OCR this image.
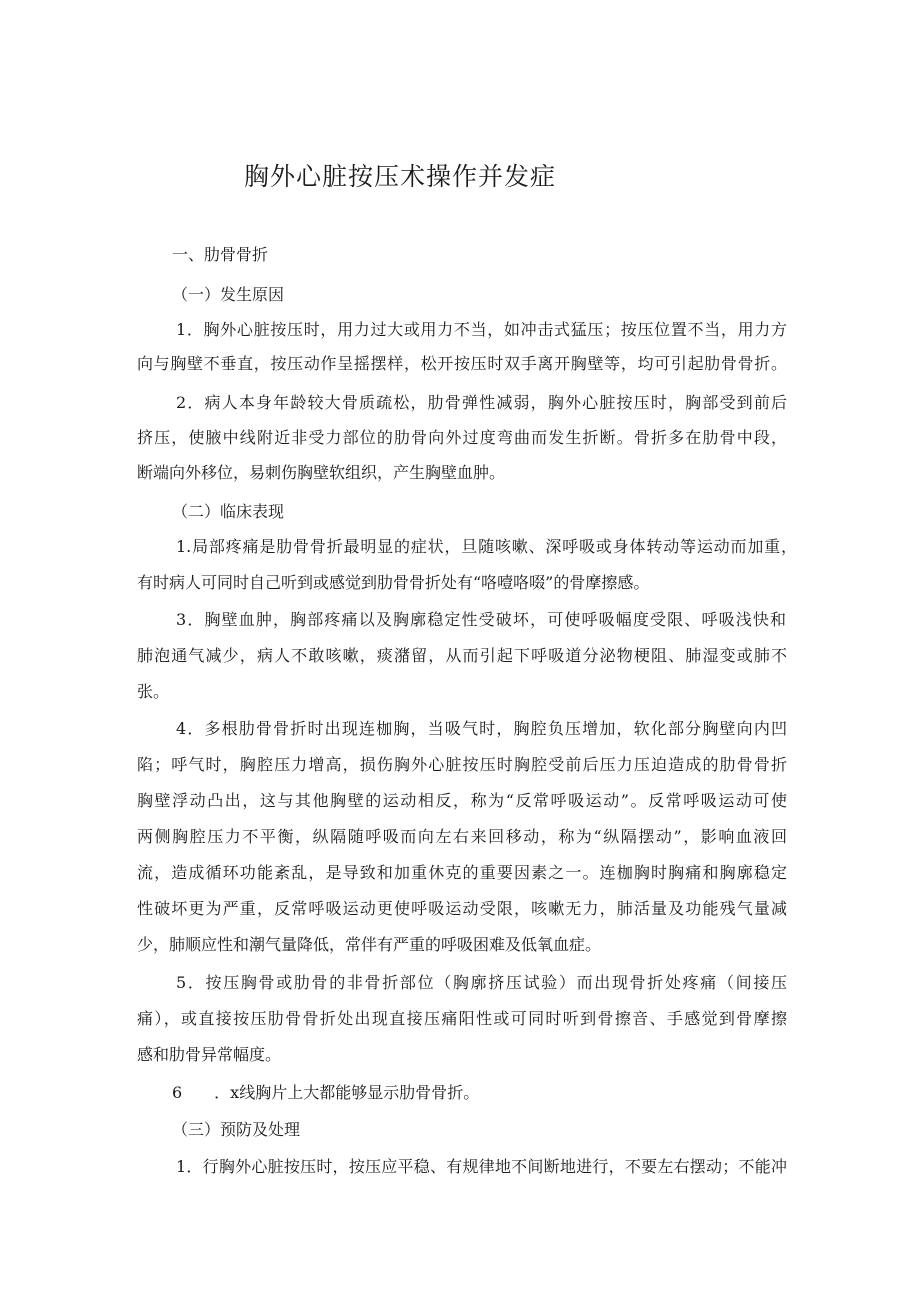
胸外心脏按压术操作并发症

一、肋骨骨折

（一）发生原因

1．胸外心脏按压时，用力过大或用力不当，如冲击式猛压；按压位置不当，用力方

向与胸壁不垂直，按压动作呈摇摆样，松开按压时双手离开胸壁等，均可引起肋骨骨折。

2．病人本身年龄较大骨质疏松，肋骨弹性减弱，胸外心脏按压时，胸部受到前后

挤压，使腋中线附近非受力部位的肋骨向外过度弯曲而发生折断。骨折多在肋骨中段，

断端向外移位，易刺伤胸壁软组织，产生胸壁血肿。

（二）临床表现

1.局部疼痛是肋骨骨折最明显的症状，旦随咳嗽、深呼吸或身体转动等运动而加重，

有时病人可同时自己听到或感觉到肋骨骨折处有“咯噎咯啜”的骨摩擦感。

3．胸壁血肿，胸部疼痛以及胸廓稳定性受破坏，可使呼吸幅度受限、呼吸浅快和

肺泡通气减少，病人不敢咳嗽，痰潴留，从而引起下呼吸道分泌物梗阻、肺湿变或肺不

张。

4．多根肋骨骨折时出现连枷胸，当吸气时，胸腔负压增加，软化部分胸壁向内凹

陷；呼气时，胸腔压力增高，损伤胸外心脏按压时胸腔受前后压力压迫造成的肋骨骨折

胸壁浮动凸出，这与其他胸壁的运动相反，称为“反常呼吸运动”。反常呼吸运动可使

两侧胸腔压力不平衡，纵隔随呼吸而向左右来回移动，称为“纵隔摆动”，影响血液回

流，造成循环功能紊乱，是导致和加重休克的重要因素之一。连枷胸时胸痛和胸廓稳定

性破坏更为严重，反常呼吸运动更使呼吸运动受限，咳嗽无力，肺活量及功能残气量减

少，肺顺应性和潮气量降低，常伴有严重的呼吸困难及低氧血症。

5．按压胸骨或肋骨的非骨折部位（胸廓挤压试验）而出现骨折处疼痛（间接压

痛），或直接按压肋骨骨折处出现直接压痛阳性或可同时听到骨擦音、手感觉到骨摩擦

感和肋骨异常幅度。

6　　．x线胸片上大都能够显示肋骨骨折。

（三）预防及处理

1．行胸外心脏按压时，按压应平稳、有规律地不间断地进行，不要左右摆动；不能冲
